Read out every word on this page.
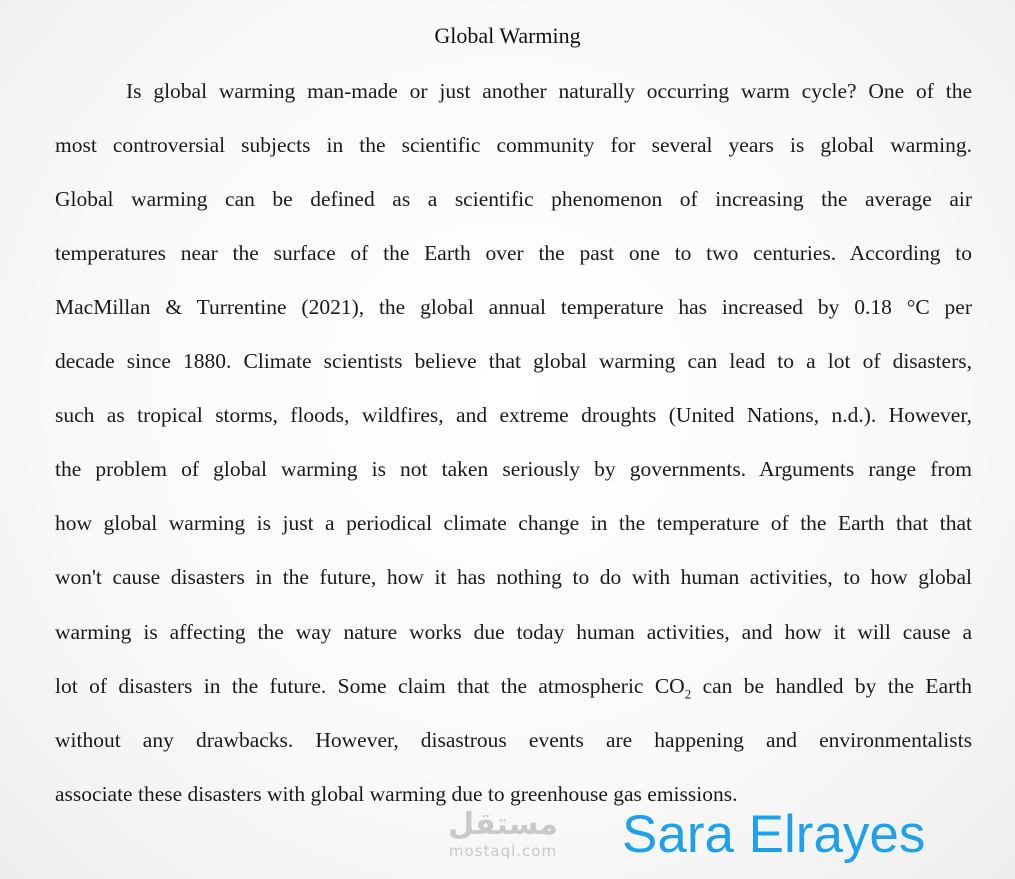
Global Warming
Is global warming man-made or just another naturally occurring warm cycle? One of the
most controversial subjects in the scientific community for several years is global warming.
Global warming can be defined as a scientific phenomenon of increasing the average air
temperatures near the surface of the Earth over the past one to two centuries. According to
MacMillan & Turrentine (2021), the global annual temperature has increased by 0.18 °C per
decade since 1880. Climate scientists believe that global warming can lead to a lot of disasters,
such as tropical storms, floods, wildfires, and extreme droughts (United Nations, n.d.). However,
the problem of global warming is not taken seriously by governments. Arguments range from
how global warming is just a periodical climate change in the temperature of the Earth that that
won't cause disasters in the future, how it has nothing to do with human activities, to how global
warming is affecting the way nature works due today human activities, and how it will cause a
lot of disasters in the future. Some claim that the atmospheric $CO_2$ can be handled by the Earth
without any drawbacks. However, disastrous events are happening and environmentalists
associate these disasters with global warming due to greenhouse gas emissions.
مستقل
mostaql.com	Sara Elrayes
